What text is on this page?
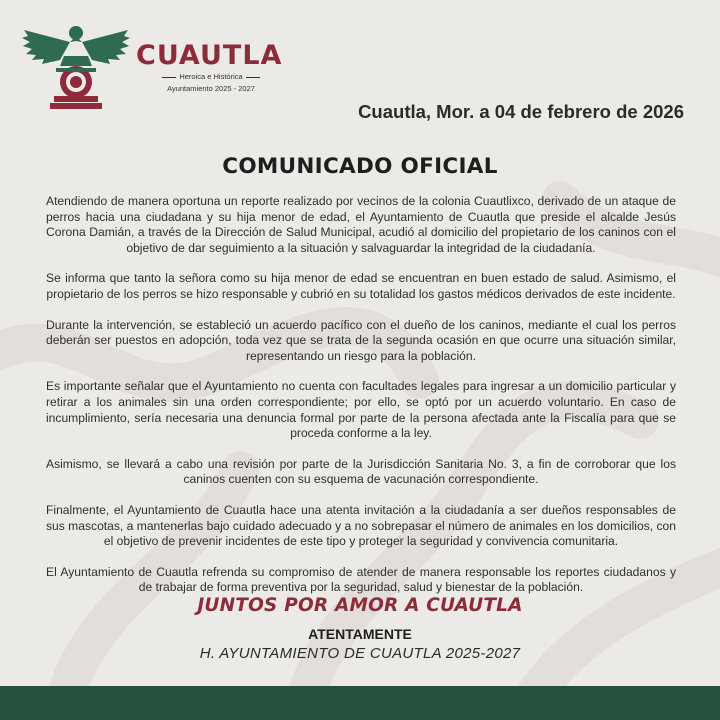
CUAUTLA
Heroica e Histórica
Ayuntamiento 2025 - 2027
Cuautla, Mor. a 04 de febrero de 2026
COMUNICADO OFICIAL

Atendiendo de manera oportuna un reporte realizado por vecinos de la colonia Cuautlixco, derivado de un ataque de perros hacia una ciudadana y su hija menor de edad, el Ayuntamiento de Cuautla que preside el alcalde Jesús Corona Damián, a través de la Dirección de Salud Municipal, acudió al domicilio del propietario de los caninos con el objetivo de dar seguimiento a la situación y salvaguardar la integridad de la ciudadanía.

Se informa que tanto la señora como su hija menor de edad se encuentran en buen estado de salud. Asimismo, el propietario de los perros se hizo responsable y cubrió en su totalidad los gastos médicos derivados de este incidente.

Durante la intervención, se estableció un acuerdo pacífico con el dueño de los caninos, mediante el cual los perros deberán ser puestos en adopción, toda vez que se trata de la segunda ocasión en que ocurre una situación similar, representando un riesgo para la población.

Es importante señalar que el Ayuntamiento no cuenta con facultades legales para ingresar a un domicilio particular y retirar a los animales sin una orden correspondiente; por ello, se optó por un acuerdo voluntario. En caso de incumplimiento, sería necesaria una denuncia formal por parte de la persona afectada ante la Fiscalía para que se proceda conforme a la ley.

Asimismo, se llevará a cabo una revisión por parte de la Jurisdicción Sanitaria No. 3, a fin de corroborar que los caninos cuenten con su esquema de vacunación correspondiente.

Finalmente, el Ayuntamiento de Cuautla hace una atenta invitación a la ciudadanía a ser dueños responsables de sus mascotas, a mantenerlas bajo cuidado adecuado y a no sobrepasar el número de animales en los domicilios, con el objetivo de prevenir incidentes de este tipo y proteger la seguridad y convivencia comunitaria.

El Ayuntamiento de Cuautla refrenda su compromiso de atender de manera responsable los reportes ciudadanos y de trabajar de forma preventiva por la seguridad, salud y bienestar de la población.

JUNTOS POR AMOR A CUAUTLA
ATENTAMENTE
H. AYUNTAMIENTO DE CUAUTLA 2025-2027
